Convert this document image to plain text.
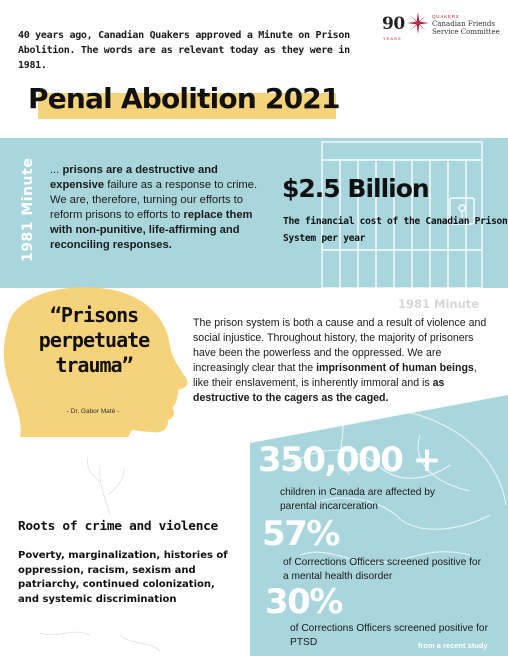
40 years ago, Canadian Quakers approved a Minute on Prison Abolition. The words are as relevant today as they were in 1981.
90
YEARS
QUAKERS
Canadian Friends
Service Committee
Penal Abolition 2021
1981 Minute ... prisons are a destructive and expensive failure as a response to crime. We are, therefore, turning our efforts to reform prisons to efforts to replace them with non-punitive, life-affirming and reconciling responses.
$2.5 Billion
The financial cost of the Canadian Prison System per year
“Prisons perpetuate trauma”
- Dr. Gabor Maté -
1981 Minute
The prison system is both a cause and a result of violence and social injustice. Throughout history, the majority of prisoners have been the powerless and the oppressed. We are increasingly clear that the imprisonment of human beings, like their enslavement, is inherently immoral and is as destructive to the cagers as the caged.
Roots of crime and violence
Poverty, marginalization, histories of oppression, racism, sexism and patriarchy, continued colonization, and systemic discrimination
350,000 +
children in Canada are affected by parental incarceration
57%
of Corrections Officers screened positive for a mental health disorder
30%
of Corrections Officers screened positive for PTSD	from a recent study
